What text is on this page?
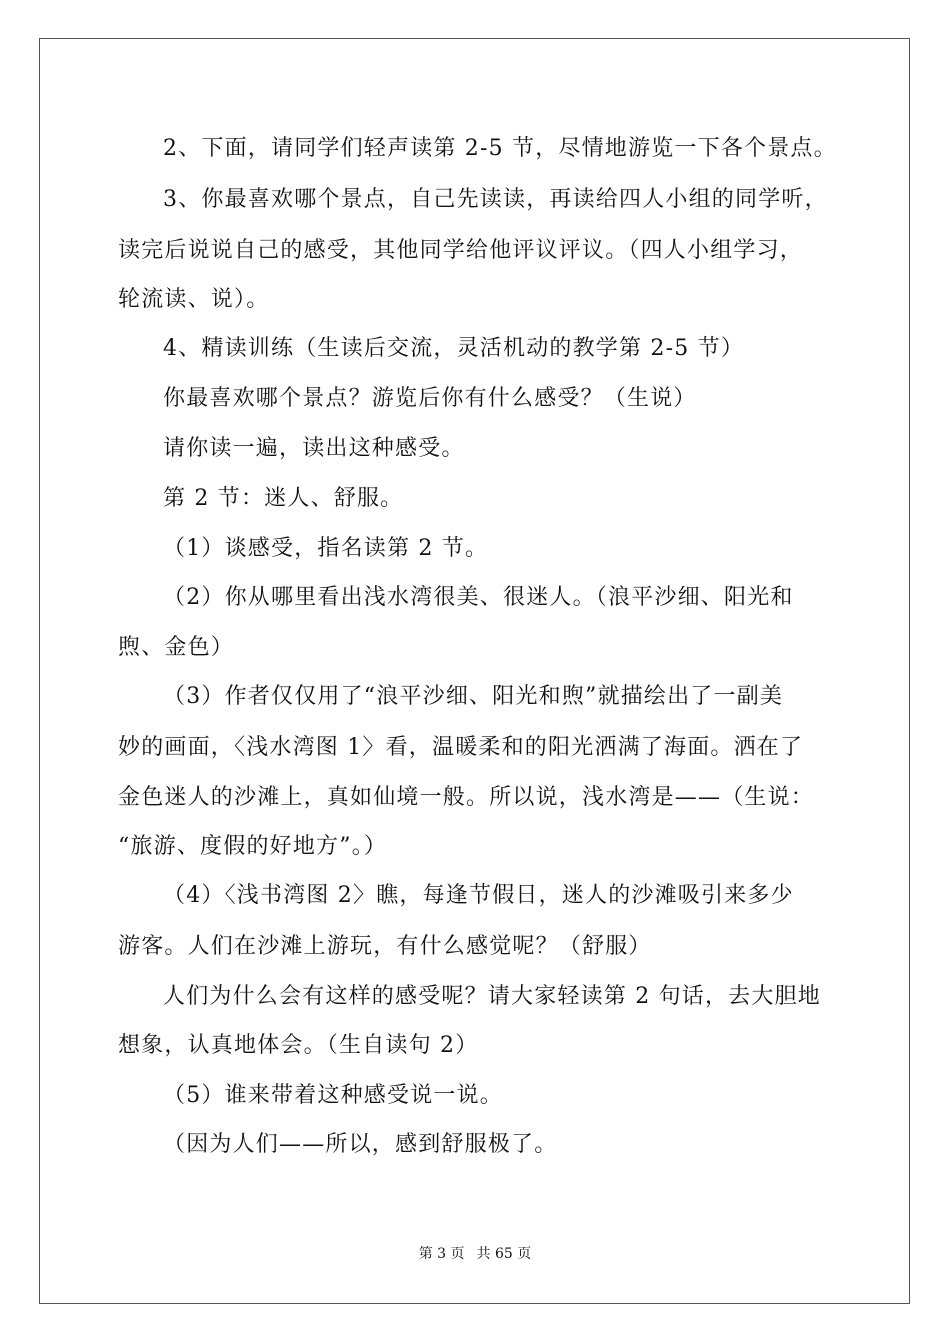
2、下面，请同学们轻声读第 2-5 节，尽情地游览一下各个景点。
3、你最喜欢哪个景点，自己先读读，再读给四人小组的同学听，
读完后说说自己的感受，其他同学给他评议评议。（四人小组学习，
轮流读、说）。
4、精读训练（生读后交流，灵活机动的教学第 2-5 节）
你最喜欢哪个景点？游览后你有什么感受？（生说）
请你读一遍，读出这种感受。
第 2 节：迷人、舒服。
（1）谈感受，指名读第 2 节。
（2）你从哪里看出浅水湾很美、很迷人。（浪平沙细、阳光和
煦、金色）
（3）作者仅仅用了“浪平沙细、阳光和煦”就描绘出了一副美
妙的画面，〈浅水湾图 1〉看，温暖柔和的阳光洒满了海面。洒在了
金色迷人的沙滩上，真如仙境一般。所以说，浅水湾是——（生说：
“旅游、度假的好地方”。）
（4）〈浅书湾图 2〉瞧，每逢节假日，迷人的沙滩吸引来多少
游客。人们在沙滩上游玩，有什么感觉呢？（舒服）
人们为什么会有这样的感受呢？请大家轻读第 2 句话，去大胆地
想象，认真地体会。（生自读句 2）
（5）谁来带着这种感受说一说。
（因为人们——所以，感到舒服极了。
第 3 页 共 65 页
